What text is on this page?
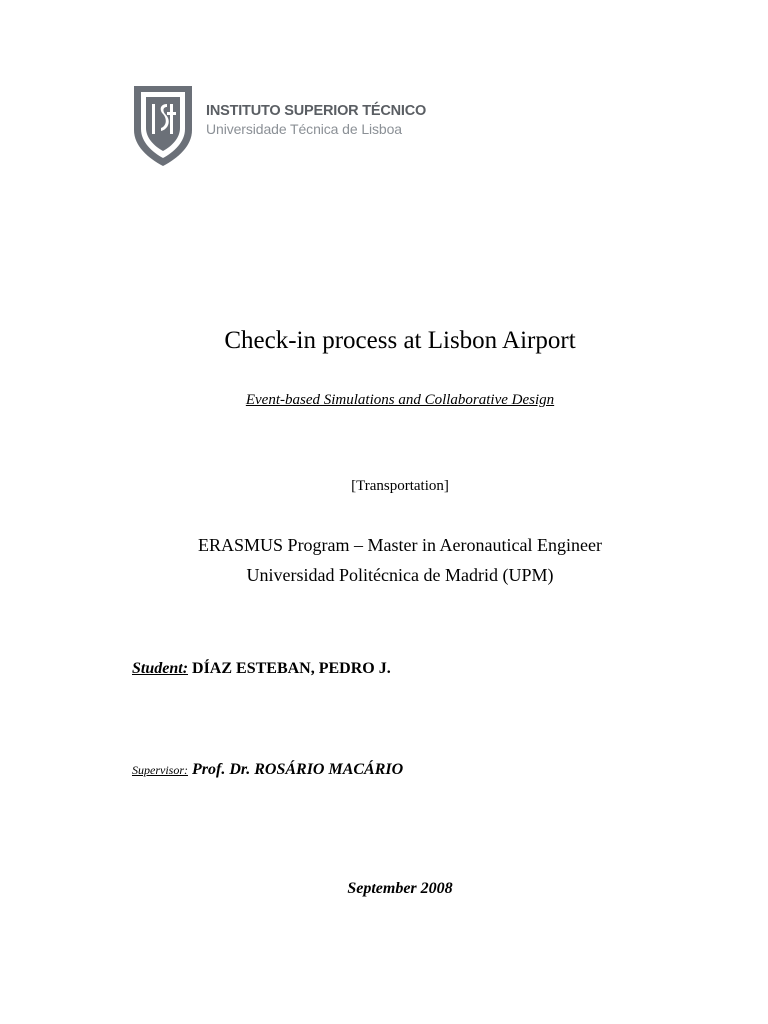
INSTITUTO SUPERIOR TÉCNICO
Universidade Técnica de Lisboa
Check-in process at Lisbon Airport
Event-based Simulations and Collaborative Design
[Transportation]
ERASMUS Program – Master in Aeronautical Engineer
Universidad Politécnica de Madrid (UPM)
Student: DÍAZ ESTEBAN, PEDRO J.
Supervisor: Prof. Dr. ROSÁRIO MACÁRIO
September 2008
